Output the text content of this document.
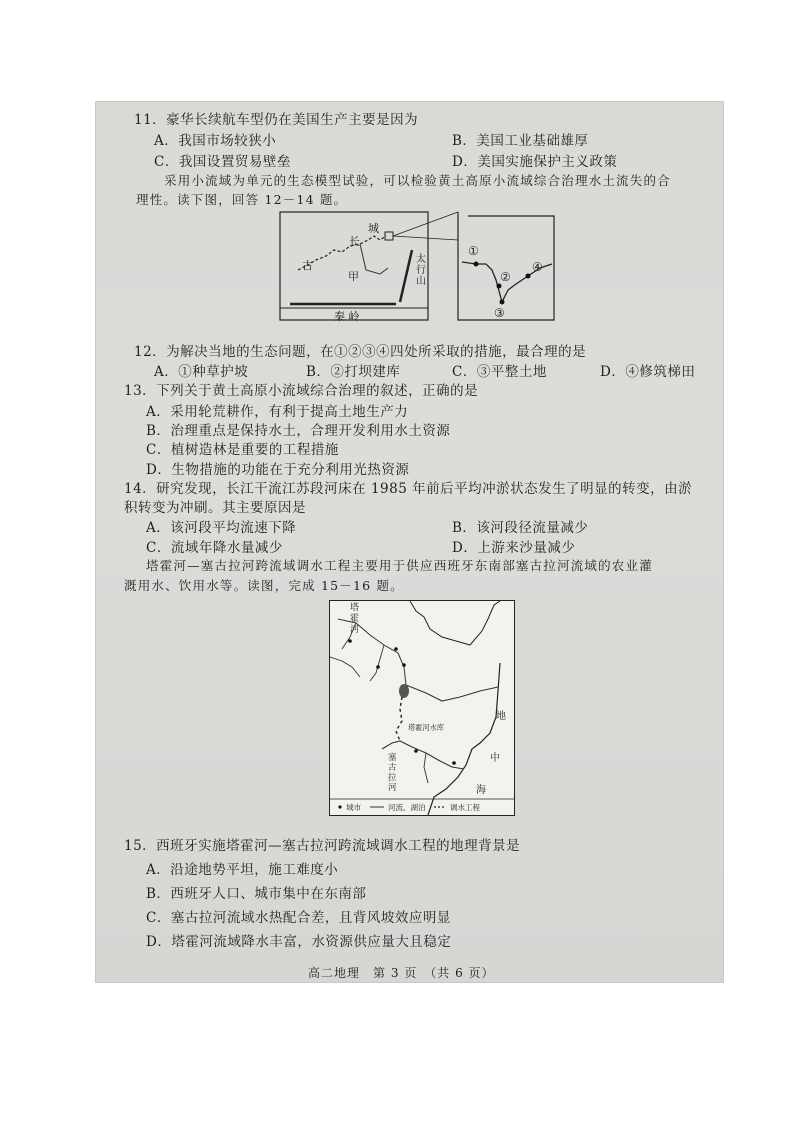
11．豪华长续航车型仍在美国生产主要是因为
A．我国市场较狭小	B．美国工业基础雄厚
C．我国设置贸易壁垒	D．美国实施保护主义政策
采用小流域为单元的生态模型试验，可以检验黄土高原小流域综合治理水土流失的合
理性。读下图，回答 12－14 题。
长
城
古
甲
太行山
秦 岭
①
②
③
④
12．为解决当地的生态问题，在①②③④四处所采取的措施，最合理的是
A．①种草护坡	B．②打坝建库	C．③平整土地	D．④修筑梯田
13．下列关于黄土高原小流域综合治理的叙述，正确的是
A．采用轮荒耕作，有利于提高土地生产力
B．治理重点是保持水土，合理开发利用水土资源
C．植树造林是重要的工程措施
D．生物措施的功能在于充分利用光热资源
14．研究发现，长江干流江苏段河床在 1985 年前后平均冲淤状态发生了明显的转变，由淤
积转变为冲刷。其主要原因是
A．该河段平均流速下降	B．该河段径流量减少
C．流域年降水量减少	D．上游来沙量减少
塔霍河—塞古拉河跨流域调水工程主要用于供应西班牙东南部塞古拉河流域的农业灌
溉用水、饮用水等。读图，完成 15－16 题。
塔 霍 河
塔霍河水库
塞 古 拉 河
地
中
海
城市	河流、湖泊	调水工程
15．西班牙实施塔霍河—塞古拉河跨流域调水工程的地理背景是
A．沿途地势平坦，施工难度小
B．西班牙人口、城市集中在东南部
C．塞古拉河流域水热配合差，且背风坡效应明显
D．塔霍河流域降水丰富，水资源供应量大且稳定
高二地理　第 3 页　（共 6 页）
